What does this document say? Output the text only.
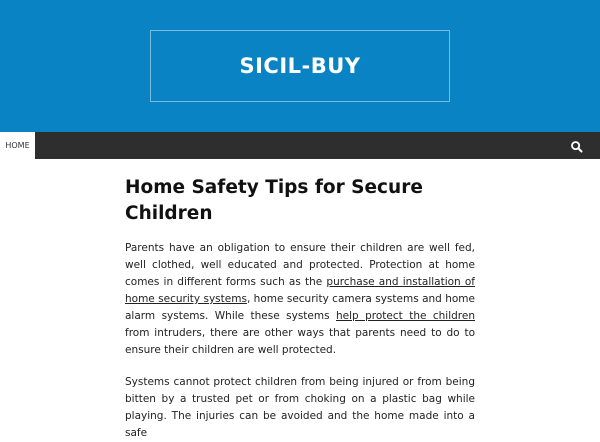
SICIL-BUY
HOME
Home Safety Tips for Secure Children

Parents have an obligation to ensure their children are well fed, well clothed, well educated and protected. Protection at home comes in different forms such as the purchase and installation of home security systems, home security camera systems and home alarm systems. While these systems help protect the children from intruders, there are other ways that parents need to do to ensure their children are well protected.

Systems cannot protect children from being injured or from being bitten by a trusted pet or from choking on a plastic bag while playing. The injuries can be avoided and the home made into a safe
